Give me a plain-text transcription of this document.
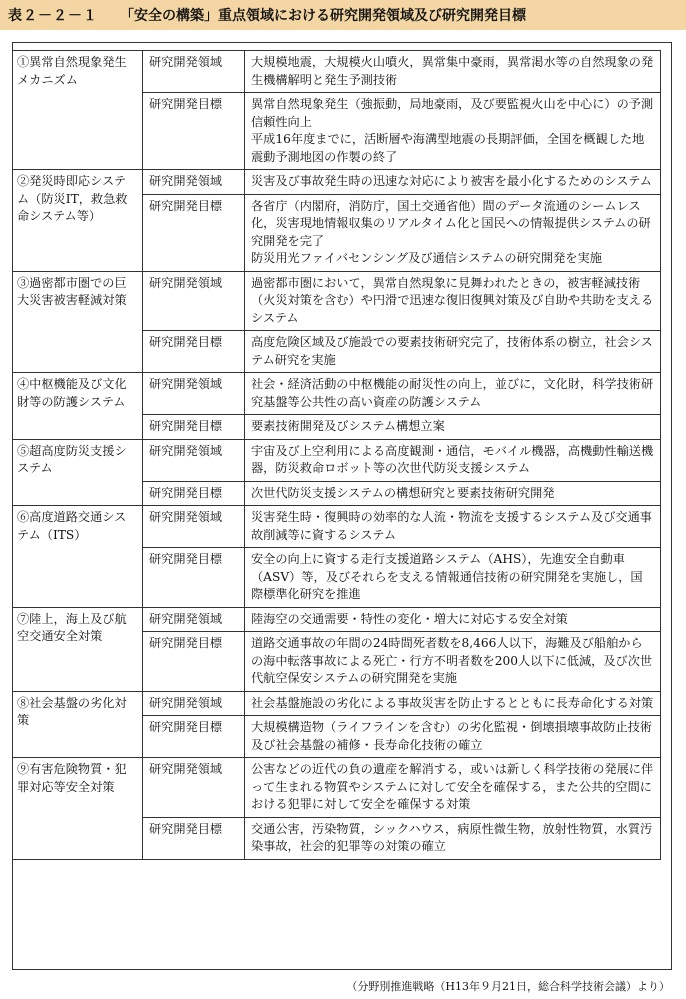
表２－２－１	「安全の構築」重点領域における研究開発領域及び研究開発目標
①異常自然現象発生メカニズム	研究開発領域	大規模地震，大規模火山噴火，異常集中豪雨，異常渇水等の自然現象の発生機構解明と発生予測技術
	研究開発目標	異常自然現象発生（強振動，局地豪雨，及び要監視火山を中心に）の予測信頼性向上
平成16年度までに，活断層や海溝型地震の長期評価，全国を概観した地震動予測地図の作製の終了
②発災時即応システム（防災IT，救急救命システム等）	研究開発領域	災害及び事故発生時の迅速な対応により被害を最小化するためのシステム
	研究開発目標	各省庁（内閣府，消防庁，国土交通省他）間のデータ流通のシームレス化，災害現地情報収集のリアルタイム化と国民への情報提供システムの研究開発を完了
防災用光ファイバセンシング及び通信システムの研究開発を実施
③過密都市圏での巨大災害被害軽減対策	研究開発領域	過密都市圏において，異常自然現象に見舞われたときの，被害軽減技術（火災対策を含む）や円滑で迅速な復旧復興対策及び自助や共助を支えるシステム
	研究開発目標	高度危険区域及び施設での要素技術研究完了，技術体系の樹立，社会システム研究を実施
④中枢機能及び文化財等の防護システム	研究開発領域	社会・経済活動の中枢機能の耐災性の向上，並びに，文化財，科学技術研究基盤等公共性の高い資産の防護システム
	研究開発目標	要素技術開発及びシステム構想立案
⑤超高度防災支援システム	研究開発領域	宇宙及び上空利用による高度観測・通信，モバイル機器，高機動性輸送機器，防災救命ロボット等の次世代防災支援システム
	研究開発目標	次世代防災支援システムの構想研究と要素技術研究開発
⑥高度道路交通システム（ITS）	研究開発領域	災害発生時・復興時の効率的な人流・物流を支援するシステム及び交通事故削減等に資するシステム
	研究開発目標	安全の向上に資する走行支援道路システム（AHS），先進安全自動車（ASV）等，及びそれらを支える情報通信技術の研究開発を実施し，国際標準化研究を推進
⑦陸上，海上及び航空交通安全対策	研究開発領域	陸海空の交通需要・特性の変化・増大に対応する安全対策
	研究開発目標	道路交通事故の年間の24時間死者数を8,466人以下，海難及び船舶からの海中転落事故による死亡・行方不明者数を200人以下に低減，及び次世代航空保安システムの研究開発を実施
⑧社会基盤の劣化対策	研究開発領域	社会基盤施設の劣化による事故災害を防止するとともに長寿命化する対策
	研究開発目標	大規模構造物（ライフラインを含む）の劣化監視・倒壊損壊事故防止技術及び社会基盤の補修・長寿命化技術の確立
⑨有害危険物質・犯罪対応等安全対策	研究開発領域	公害などの近代の負の遺産を解消する，或いは新しく科学技術の発展に伴って生まれる物質やシステムに対して安全を確保する，また公共的空間における犯罪に対して安全を確保する対策
	研究開発目標	交通公害，汚染物質，シックハウス，病原性微生物，放射性物質，水質汚染事故，社会的犯罪等の対策の確立
（分野別推進戦略（H13年９月21日，総合科学技術会議）より）
